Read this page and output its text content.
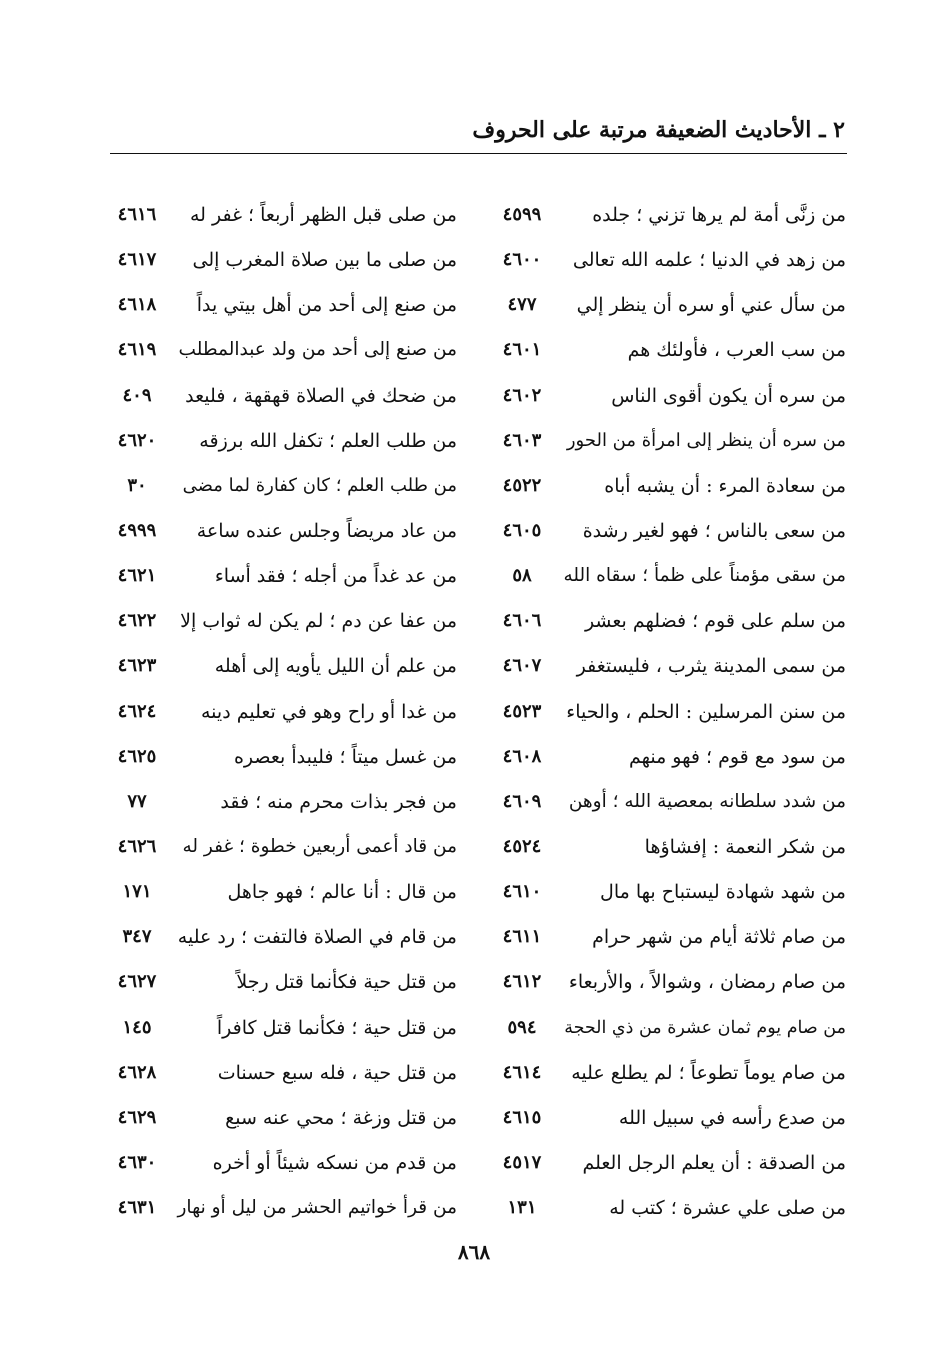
٢ ـ الأحاديث الضعيفة مرتبة على الحروف
من زنَّى أمة لم يرها تزني ؛ جلده
٤٥٩٩
من زهد في الدنيا ؛ علمه الله تعالى
٤٦٠٠
من سأل عني أو سره أن ينظر إلي
٤٧٧
من سب العرب ، فأولئك هم
٤٦٠١
من سره أن يكون أقوى الناس
٤٦٠٢
من سره أن ينظر إلى امرأة من الحور
٤٦٠٣
من سعادة المرء : أن يشبه أباه
٤٥٢٢
من سعى بالناس ؛ فهو لغير رشدة
٤٦٠٥
من سقى مؤمناً على ظمأ ؛ سقاه الله
٥٨
من سلم على قوم ؛ فضلهم بعشر
٤٦٠٦
من سمى المدينة يثرب ، فليستغفر
٤٦٠٧
من سنن المرسلين : الحلم ، والحياء
٤٥٢٣
من سود مع قوم ؛ فهو منهم
٤٦٠٨
من شدد سلطانه بمعصية الله ؛ أوهن
٤٦٠٩
من شكر النعمة : إفشاؤها
٤٥٢٤
من شهد شهادة ليستباح بها مال
٤٦١٠
من صام ثلاثة أيام من شهر حرام
٤٦١١
من صام رمضان ، وشوالاً ، والأربعاء
٤٦١٢
من صام يوم ثمان عشرة من ذي الحجة
٥٩٤
من صام يوماً تطوعاً ؛ لم يطلع عليه
٤٦١٤
من صدع رأسه في سبيل الله
٤٦١٥
من الصدقة : أن يعلم الرجل العلم
٤٥١٧
من صلى علي عشرة ؛ كتب له
١٣١
من صلى قبل الظهر أربعاً ؛ غفر له
٤٦١٦
من صلى ما بين صلاة المغرب إلى
٤٦١٧
من صنع إلى أحد من أهل بيتي يداً
٤٦١٨
من صنع إلى أحد من ولد عبدالمطلب
٤٦١٩
من ضحك في الصلاة قهقهة ، فليعد
٤٠٩
من طلب العلم ؛ تكفل الله برزقه
٤٦٢٠
من طلب العلم ؛ كان كفارة لما مضى
٣٠
من عاد مريضاً وجلس عنده ساعة
٤٩٩٩
من عد غداً من أجله ؛ فقد أساء
٤٦٢١
من عفا عن دم ؛ لم يكن له ثواب إلا
٤٦٢٢
من علم أن الليل يأويه إلى أهله
٤٦٢٣
من غدا أو راح وهو في تعليم دينه
٤٦٢٤
من غسل ميتاً ؛ فليبدأ بعصره
٤٦٢٥
من فجر بذات محرم منه ؛ فقد
٧٧
من قاد أعمى أربعين خطوة ؛ غفر له
٤٦٢٦
من قال : أنا عالم ؛ فهو جاهل
١٧١
من قام في الصلاة فالتفت ؛ رد عليه
٣٤٧
من قتل حية فكأنما قتل رجلاً
٤٦٢٧
من قتل حية ؛ فكأنما قتل كافراً
١٤٥
من قتل حية ، فله سبع حسنات
٤٦٢٨
من قتل وزغة ؛ محي عنه سبع
٤٦٢٩
من قدم من نسكه شيئاً أو أخره
٤٦٣٠
من قرأ خواتيم الحشر من ليل أو نهار
٤٦٣١
٨٦٨
